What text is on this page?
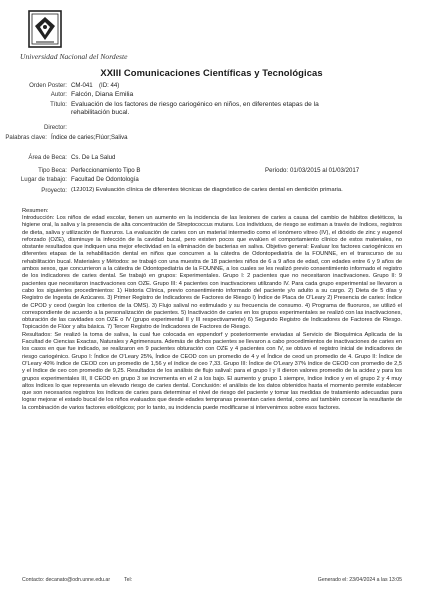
Universidad Nacional del Nordeste
XXIII Comunicaciones Científicas y Tecnológicas
Orden Poster: CM-041 (ID: 44)
Autor: Falcón, Diana Emilia
Título: Evaluación de los factores de riesgo cariogénico en niños, en diferentes etapas de la
rehabilitación bucal.
Director:
Palabras clave: Índice de caries;Flúor;Saliva
Área de Beca: Cs. De La Salud
Tipo Beca: Perfeccionamiento Tipo B	Período: 01/03/2015 al 01/03/2017
Lugar de trabajo: Facultad De Odontología
Proyecto: (12J012) Evaluación clínica de diferentes técnicas de diagnóstico de caries dental en dentición primaria.
Resumen:

Introducción: Los niños de edad escolar, tienen un aumento en la incidencia de las lesiones de caries a causa del cambio de hábitos dietéticos, la higiene oral, la saliva y la presencia de alta concentración de Streptococcus mutans. Los individuos, de riesgo se estiman a través de índices, registros de dieta, saliva y utilización de fluoruros. La evaluación de caries con un material intermedio como el ionómero vítreo (IV), el dióxido de zinc y eugenol reforzado (OZE), disminuye la infección de la cavidad bucal, pero existen pocos que evalúen el comportamiento clínico de estos materiales, no obstante resultados que indiquen una mejor efectividad en la eliminación de bacterias en saliva. Objetivo general: Evaluar los factores cariogénicos en diferentes etapas de la rehabilitación dental en niños que concurren a la cátedra de Odontopediatría de la FOUNNE, en el transcurso de su rehabilitación bucal. Materiales y Métodos: se trabajó con una muestra de 18 pacientes niños de 6 a 9 años de edad, con edades entre 6 y 9 años de ambos sexos, que concurrieron a la cátedra de Odontopediatría de la FOUNNE, a los cuales se les realizó previo consentimiento informado el registro de los indicadores de caries dental. Se trabajó en grupos: Experimentales. Grupo I: 2 pacientes que no necesitaron inactivaciones. Grupo II: 9 pacientes que necesitaron inactivaciones con OZE. Grupo III: 4 pacientes con inactivaciones utilizando IV. Para cada grupo experimental se llevaron a cabo los siguientes procedimientos: 1) Historia Clínica, previo consentimiento informado del paciente y/o adulto a su cargo. 2) Dieta de 5 días y Registro de Ingesta de Azúcares. 3) Primer Registro de Indicadores de Factores de Riesgo I) Índice de Placa de O'Leary 2) Presencia de caries: Índice de CPOD y ceod (según los criterios de la OMS). 3) Flujo salival no estimulado y su frecuencia de consumo. 4) Programa de fluoruros, se utilizó el correspondiente de acuerdo a la personalización de pacientes. 5) Inactivación de caries en los grupos experimentales se realizó con las inactivaciones, obturación de las cavidades con OZE o IV (grupo experimental II y III respectivamente) 6) Segundo Registro de Indicadores de Factores de Riesgo. Topicación de Flúor y alta básica. 7) Tercer Registro de Indicadores de Factores de Riesgo.

Resultados: Se realizó la toma de saliva, la cual fue colocada en eppendorf y posteriormente enviadas al Servicio de Bioquímica Aplicada de la Facultad de Ciencias Exactas, Naturales y Agrimensura. Además de dichos pacientes se llevaron a cabo procedimientos de inactivaciones de caries en los casos en que fue indicado, se realizaron en 9 pacientes obturación con OZE y 4 pacientes con IV, se obtuvo el registro inicial de indicadores de riesgo cariogénico. Grupo I: Índice de O'Leary 25%, Índice de CEOD con un promedio de 4 y el Índice de ceod un promedio de 4. Grupo II: Índice de O'Leary 40% índice de CEOD con un promedio de 1,56 y el índice de ceo 7,33. Grupo III: Índice de O'Leary 37% índice de CEOD con promedio de 2,5 y el índice de ceo con promedio de 9,25. Resultados de los análisis de flujo salival: para el grupo I y II dieron valores promedio de la acidez y para los grupos experimentales III, II CEOD en grupo 3 se incrementa en el 2 a los bajo. El aumento y grupo 1 siempre, índice índice y en el grupo 2 y 4 muy altos índices lo que representa un elevado riesgo de caries dental. Conclusión: el análisis de los datos obtenidos hasta el momento permite establecer que son necesarios registros los índices de caries para determinar el nivel de riesgo del paciente y tomar las medidas de tratamiento adecuadas para lograr mejorar el estado bucal de los niños evaluados que desde edades tempranas presentan caries dental, como así también conocer la resultante de la combinación de varios factores etiológicos; por lo tanto, su incidencia puede modificarse si intervenimos sobre esos factores.

Contacto: decanato@odn.unne.edu.ar	Tel:	Generado el: 23/04/2024 a las 13:05
